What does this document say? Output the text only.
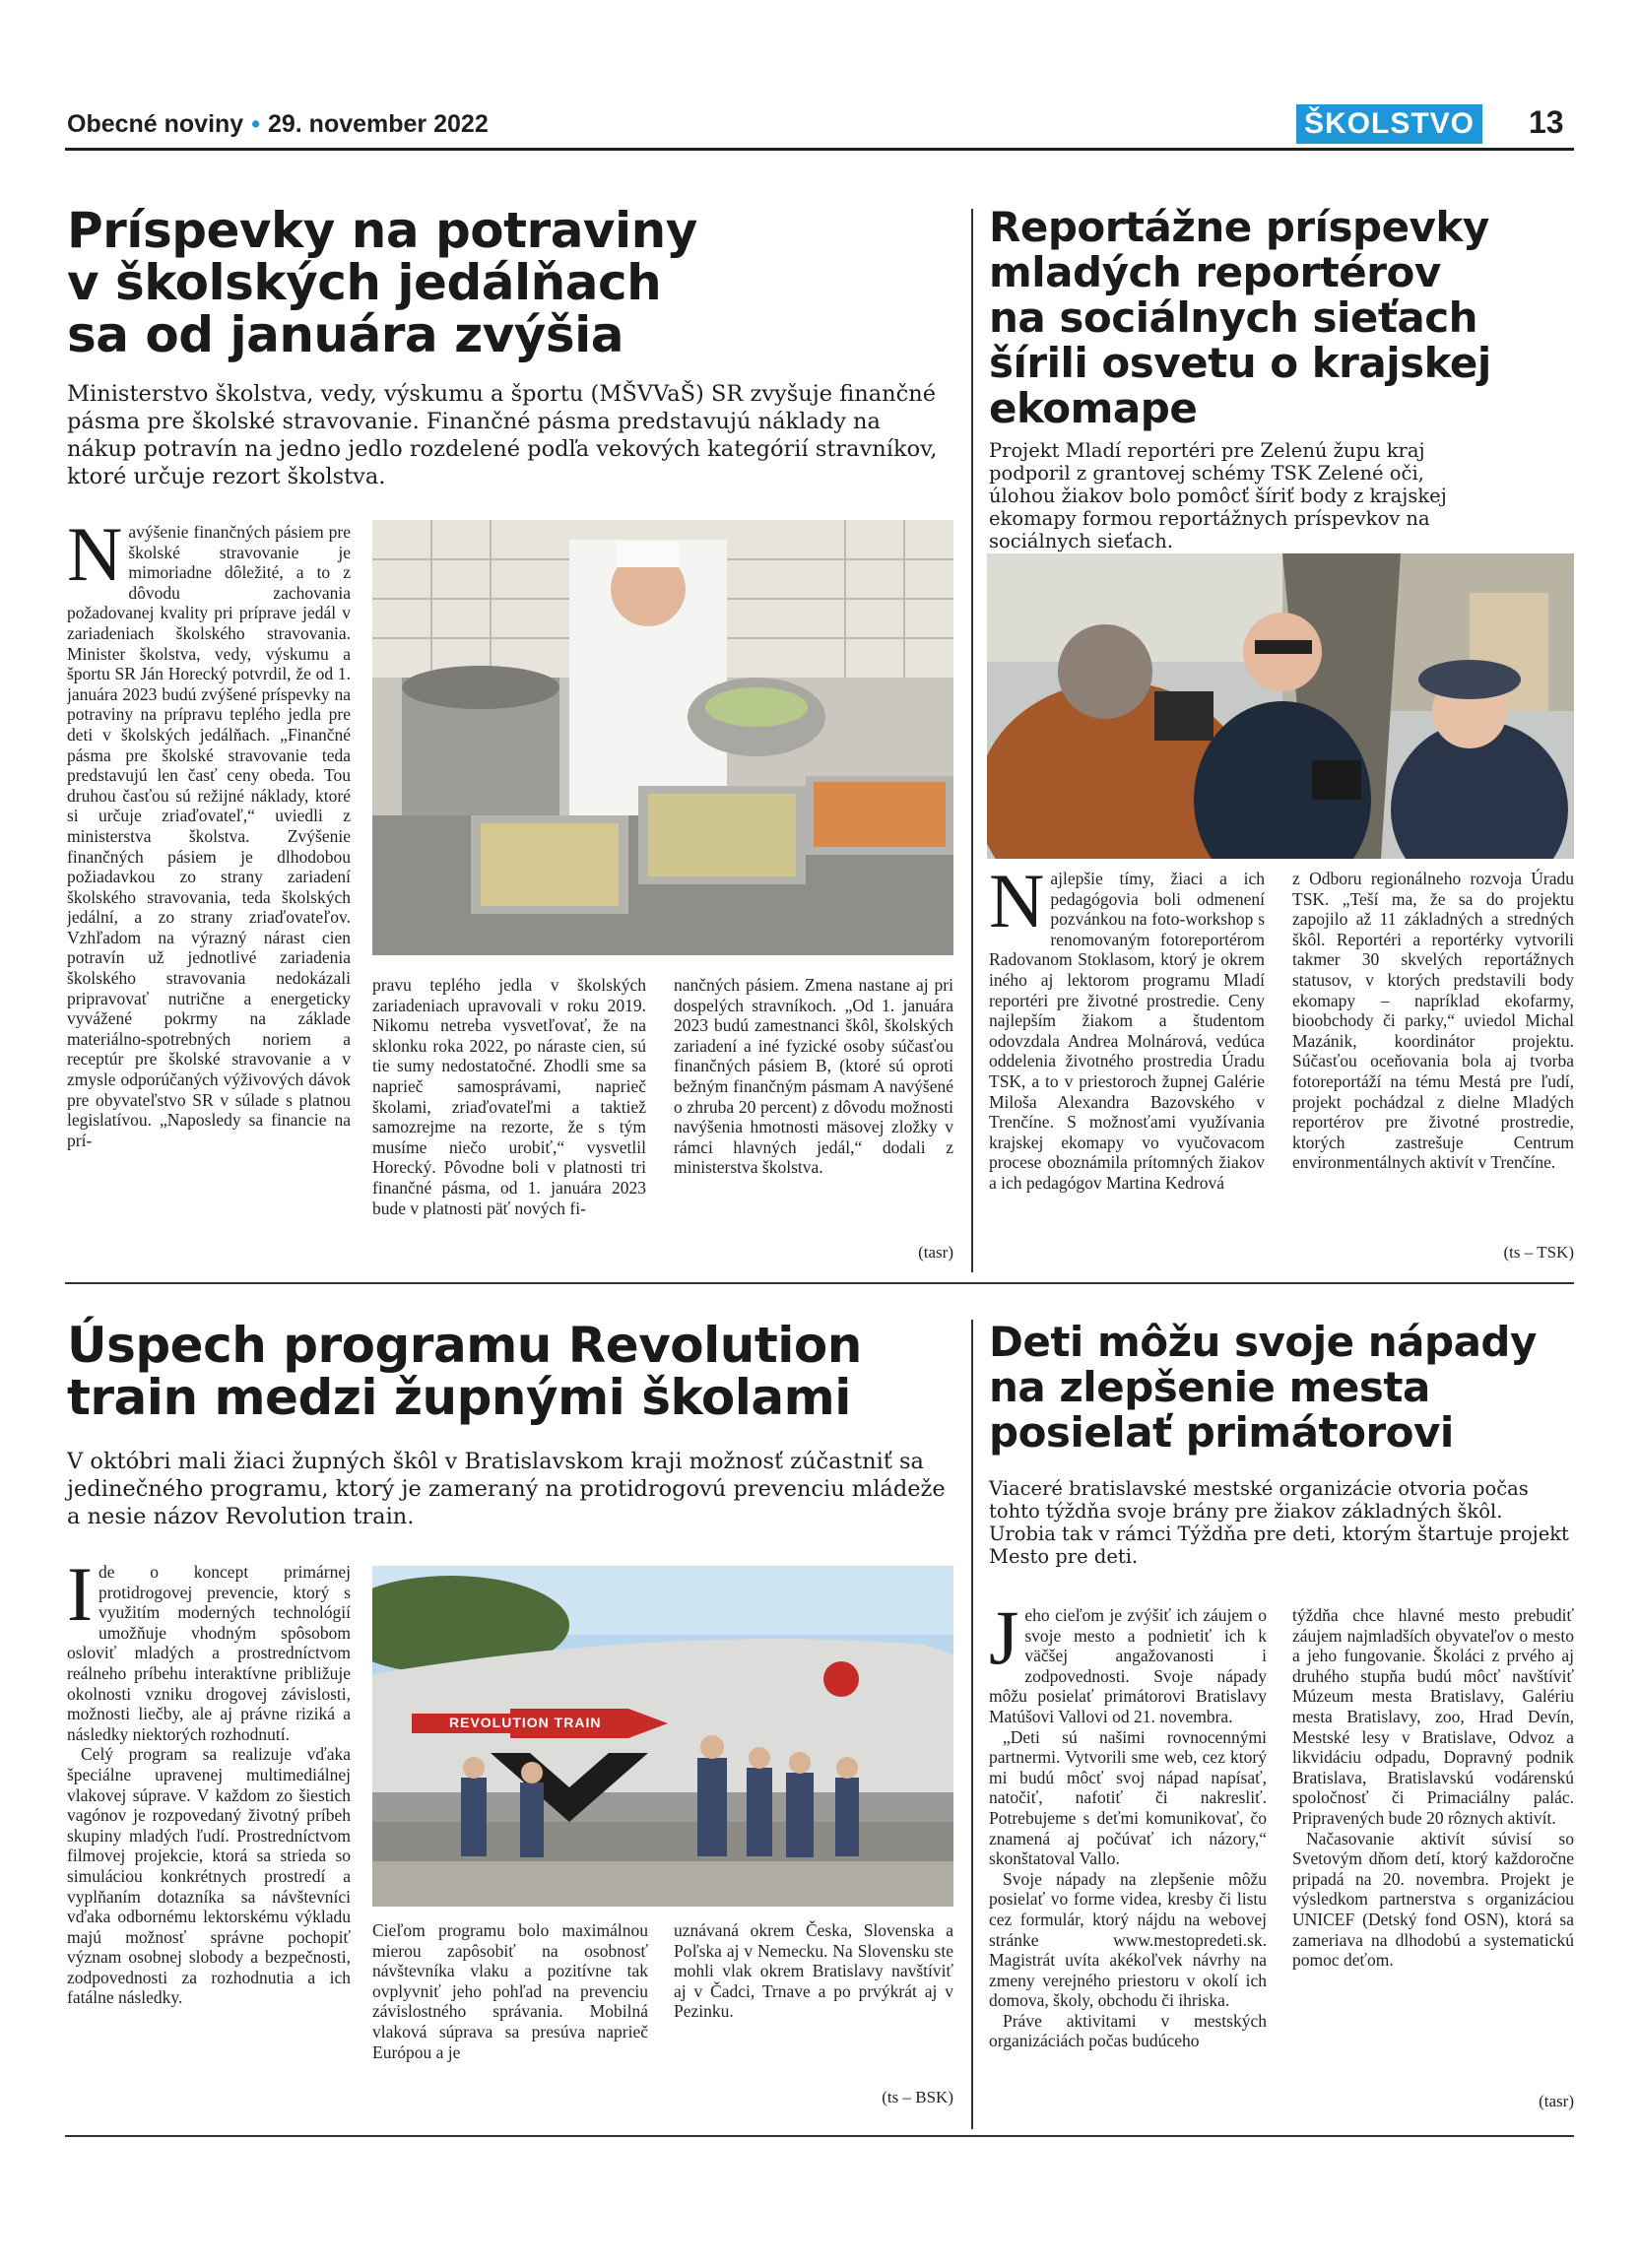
Obecné noviny • 29. november 2022	ŠKOLSTVO 13
Príspevky na potraviny
v školských jedálňach
sa od januára zvýšia
Ministerstvo školstva, vedy, výskumu a športu (MŠVVaŠ) SR zvyšuje finančné pásma pre školské stravovanie. Finančné pásma predstavujú náklady na nákup potravín na jedno jedlo rozdelené podľa vekových kategórií stravníkov, ktoré určuje rezort školstva.
N avýšenie finančných pásiem pre školské stravovanie je mimoriadne dôležité, a to z dôvodu zachovania požadovanej kvality pri príprave jedál v zariadeniach školského stravovania. Minister školstva, vedy, výskumu a športu SR Ján Horecký potvrdil, že od 1. januára 2023 budú zvýšené príspevky na potraviny na prípravu teplého jedla pre deti v školských jedálňach. „Finančné pásma pre školské stravovanie teda predstavujú len časť ceny obeda. Tou druhou časťou sú režijné náklady, ktoré si určuje zriaďovateľ,“ uviedli z ministerstva školstva. Zvýšenie finančných pásiem je dlhodobou požiadavkou zo strany zariadení školského stravovania, teda školských jedální, a zo strany zriaďovateľov. Vzhľadom na výrazný nárast cien potravín už jednotlivé zariadenia školského stravovania nedokázali pripravovať nutrične a energeticky vyvážené pokrmy na základe materiálno-spotrebných noriem a receptúr pre školské stravovanie a v zmysle odporúčaných výživových dávok pre obyvateľstvo SR v súlade s platnou legislatívou. „Naposledy sa financie na prí-
pravu teplého jedla v školských zariadeniach upravovali v roku 2019. Nikomu netreba vysvetľovať, že na sklonku roka 2022, po náraste cien, sú tie sumy nedostatočné. Zhodli sme sa naprieč samosprávami, naprieč školami, zriaďovateľmi a taktiež samozrejme na rezorte, že s tým musíme niečo urobiť,“ vysvetlil Horecký. Pôvodne boli v platnosti tri finančné pásma, od 1. januára 2023 bude v platnosti päť nových fi-
nančných pásiem. Zmena nastane aj pri dospelých stravníkoch. „Od 1. januára 2023 budú zamestnanci škôl, školských zariadení a iné fyzické osoby súčasťou finančných pásiem B, (ktoré sú oproti bežným finančným pásmam A navýšené o zhruba 20 percent) z dôvodu možnosti navýšenia hmotnosti mäsovej zložky v rámci hlavných jedál,“ dodali z ministerstva školstva.
(tasr)
Reportážne príspevky
mladých reportérov
na sociálnych sieťach
šírili osvetu o krajskej
ekomape
Projekt Mladí reportéri pre Zelenú župu kraj podporil z grantovej schémy TSK Zelené oči, úlohou žiakov bolo pomôcť šíriť body z krajskej ekomapy formou reportážnych príspevkov na sociálnych sieťach.
N ajlepšie tímy, žiaci a ich pedagógovia boli odmenení pozvánkou na foto-workshop s renomovaným fotoreportérom Radovanom Stoklasom, ktorý je okrem iného aj lektorom programu Mladí reportéri pre životné prostredie. Ceny najlepším žiakom a študentom odovzdala Andrea Molnárová, vedúca oddelenia životného prostredia Úradu TSK, a to v priestoroch župnej Galérie Miloša Alexandra Bazovského v Trenčíne. S možnosťami využívania krajskej ekomapy vo vyučovacom procese oboznámila prítomných žiakov a ich pedagógov Martina Kedrová
z Odboru regionálneho rozvoja Úradu TSK. „Teší ma, že sa do projektu zapojilo až 11 základných a stredných škôl. Reportéri a reportérky vytvorili takmer 30 skvelých reportážnych statusov, v ktorých predstavili body ekomapy – napríklad ekofarmy, bioobchody či parky,“ uviedol Michal Mazánik, koordinátor projektu. Súčasťou oceňovania bola aj tvorba fotoreportáží na tému Mestá pre ľudí, projekt pochádzal z dielne Mladých reportérov pre životné prostredie, ktorých zastrešuje Centrum environmentálnych aktivít v Trenčíne.
(ts – TSK)
Úspech programu Revolution
train medzi župnými školami
V októbri mali žiaci župných škôl v Bratislavskom kraji možnosť zúčastniť sa jedinečného programu, ktorý je zameraný na protidrogovú prevenciu mládeže a nesie názov Revolution train.

Ide o koncept primárnej protidrogovej prevencie, ktorý s využitím moderných technológií umožňuje vhodným spôsobom osloviť mladých a prostredníctvom reálneho príbehu interaktívne približuje okolnosti vzniku drogovej závislosti, možnosti liečby, ale aj právne riziká a následky niektorých rozhodnutí.

Celý program sa realizuje vďaka špeciálne upravenej multimediálnej vlakovej súprave. V každom zo šiestich vagónov je rozpovedaný životný príbeh skupiny mladých ľudí. Prostredníctvom filmovej projekcie, ktorá sa strieda so simuláciou konkrétnych prostredí a vyplňaním dotazníka sa návštevníci vďaka odbornému lektorskému výkladu majú možnosť správne pochopiť význam osobnej slobody a bezpečnosti, zodpovednosti za rozhodnutia a ich fatálne následky.

REVOLUTION TRAIN
Cieľom programu bolo maximálnou mierou zapôsobiť na osobnosť návštevníka vlaku a pozitívne tak ovplyvniť jeho pohľad na prevenciu závislostného správania. Mobilná vlaková súprava sa presúva naprieč Európou a je
uznávaná okrem Česka, Slovenska a Poľska aj v Nemecku. Na Slovensku ste mohli vlak okrem Bratislavy navštíviť aj v Čadci, Trnave a po prvýkrát aj v Pezinku.
(ts – BSK)
Deti môžu svoje nápady
na zlepšenie mesta
posielať primátorovi
Viaceré bratislavské mestské organizácie otvoria počas tohto týždňa svoje brány pre žiakov základných škôl. Urobia tak v rámci Týždňa pre deti, ktorým štartuje projekt Mesto pre deti.

Jeho cieľom je zvýšiť ich záujem o svoje mesto a podnietiť ich k väčšej angažovanosti i zodpovednosti. Svoje nápady môžu posielať primátorovi Bratislavy Matúšovi Vallovi od 21. novembra.

„Deti sú našimi rovnocennými partnermi. Vytvorili sme web, cez ktorý mi budú môcť svoj nápad napísať, natočiť, nafotiť či nakresliť. Potrebujeme s deťmi komunikovať, čo znamená aj počúvať ich názory,“ skonštatoval Vallo.

Svoje nápady na zlepšenie môžu posielať vo forme videa, kresby či listu cez formulár, ktorý nájdu na webovej stránke www.mestopredeti.sk. Magistrát uvíta akékoľvek návrhy na zmeny verejného priestoru v okolí ich domova, školy, obchodu či ihriska.

Práve aktivitami v mestských organizáciách počas budúceho

týždňa chce hlavné mesto prebudiť záujem najmladších obyvateľov o mesto a jeho fungovanie. Školáci z prvého aj druhého stupňa budú môcť navštíviť Múzeum mesta Bratislavy, Galériu mesta Bratislavy, zoo, Hrad Devín, Mestské lesy v Bratislave, Odvoz a likvidáciu odpadu, Dopravný podnik Bratislava, Bratislavskú vodárenskú spoločnosť či Primaciálny palác. Pripravených bude 20 rôznych aktivít.

Načasovanie aktivít súvisí so Svetovým dňom detí, ktorý každoročne pripadá na 20. novembra. Projekt je výsledkom partnerstva s organizáciou UNICEF (Detský fond OSN), ktorá sa zameriava na dlhodobú a systematickú pomoc deťom.

(tasr)
